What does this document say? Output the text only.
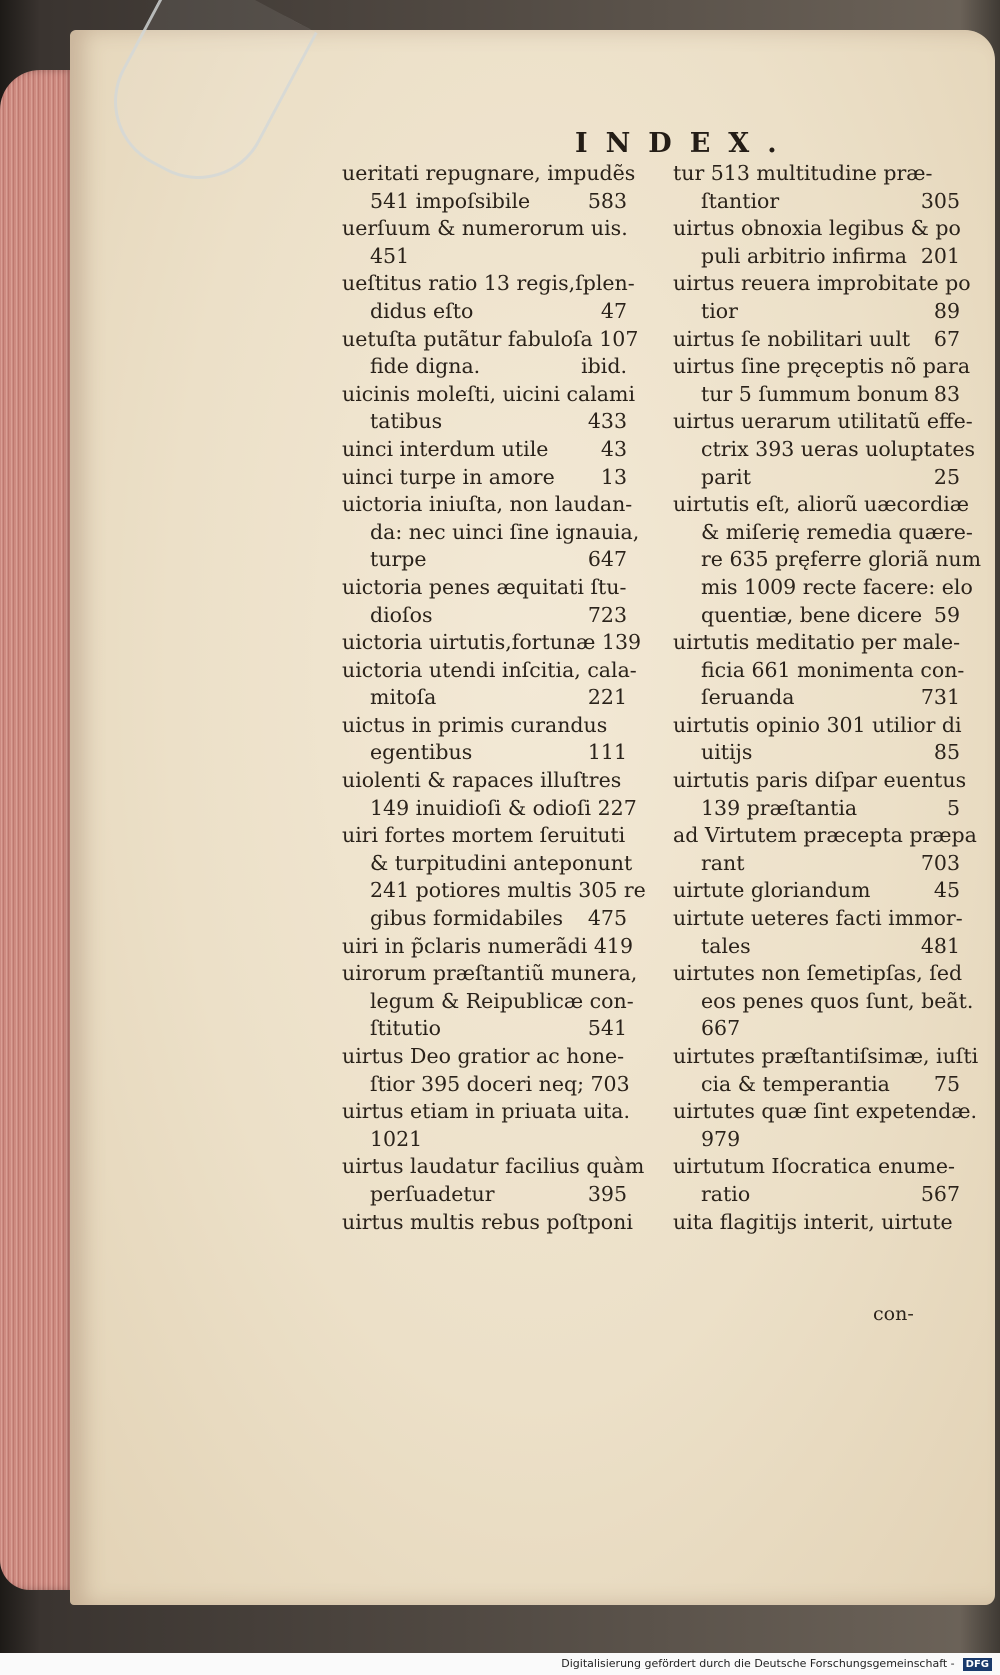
INDEX.
ueritati repugnare, impudẽs
541 impoſsibile	583
uerſuum & numerorum uis.
451
ueſtitus ratio 13 regis,ſplen-
didus eſto	47
uetuſta putãtur fabuloſa 107
fide digna.	ibid.
uicinis moleſti, uicini calami
tatibus	433
uinci interdum utile	43
uinci turpe in amore 13
uictoria iniuſta, non laudan-
da: nec uinci ſine ignauia,
turpe	647
uictoria penes æquitati ſtu-
dioſos	723
uictoria uirtutis,fortunæ 139
uictoria utendi inſcitia, cala-
mitoſa	221
uictus in primis curandus
egentibus	111
uiolenti & rapaces illuſtres
149 inuidioſi & odioſi 227
uiri fortes mortem ſeruituti
& turpitudini anteponunt
241 potiores multis 305 re
gibus formidabiles 475
uiri in p̃claris numerãdi 419
uirorum præſtantiũ munera,
legum & Reipublicæ con-
ſtitutio	541
uirtus Deo gratior ac hone-
ſtior 395 doceri neq; 703
uirtus etiam in priuata uita.
1021
uirtus laudatur facilius quàm
perſuadetur	395
uirtus multis rebus poſtponi
tur 513 multitudine præ-
ſtantior	305
uirtus obnoxia legibus & po
puli arbitrio infirma 201
uirtus reuera improbitate po
tior	89
uirtus ſe nobilitari uult 67
uirtus ſine pręceptis nõ para
tur 5 ſummum bonum 83
uirtus uerarum utilitatũ effe-
ctrix 393 ueras uoluptates
parit	25
uirtutis eſt, aliorũ uæcordiæ
& miſerię remedia quære-
re 635 pręferre gloriã num
mis 1009 recte facere: elo
quentiæ, bene dicere 59
uirtutis meditatio per male-
ficia 661 monimenta con-
ſeruanda	731
uirtutis opinio 301 utilior di
uitijs	85
uirtutis paris diſpar euentus
139 præſtantia	5
ad Virtutem præcepta præpa
rant	703
uirtute gloriandum	45
uirtute ueteres facti immor-
tales	481
uirtutes non ſemetipſas, ſed
eos penes quos ſunt, beãt.
667
uirtutes præſtantiſsimæ, iuſti
cia & temperantia 75
uirtutes quæ ſint expetendæ.
979
uirtutum Iſocratica enume-
ratio	567
uita flagitijs interit, uirtute
con-
Digitalisierung gefördert durch die Deutsche Forschungsgemeinschaft - DFG
